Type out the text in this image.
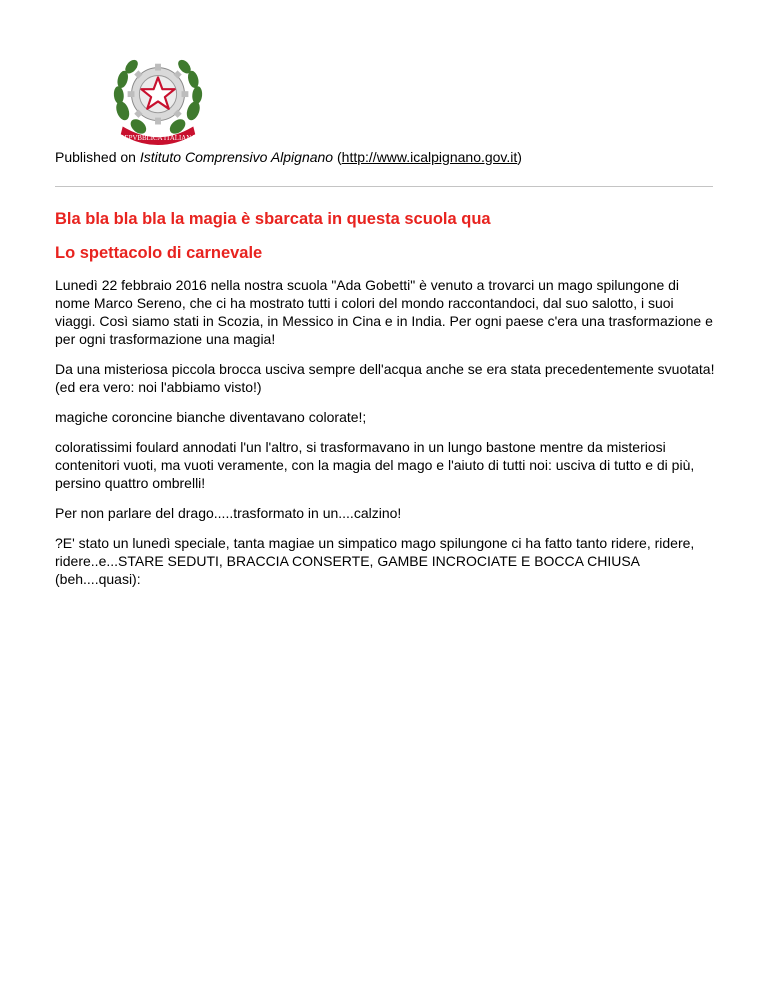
REPVBBLICA ITALIANA
Published on Istituto Comprensivo Alpignano (http://www.icalpignano.gov.it)
Bla bla bla bla la magia è sbarcata in questa scuola qua
Lo spettacolo di carnevale

Lunedì 22 febbraio 2016 nella nostra scuola "Ada Gobetti" è venuto a trovarci un mago spilungone di nome Marco Sereno, che ci ha mostrato tutti i colori del mondo raccontandoci, dal suo salotto, i suoi viaggi. Così siamo stati in Scozia, in Messico in Cina e in India. Per ogni paese c'era una trasformazione e per ogni trasformazione una magia!

Da una misteriosa piccola brocca usciva sempre dell'acqua anche se era stata precedentemente svuotata! (ed era vero: noi l'abbiamo visto!)

magiche coroncine bianche diventavano colorate!;

coloratissimi foulard annodati l'un l'altro, si trasformavano in un lungo bastone mentre da misteriosi contenitori vuoti, ma vuoti veramente, con la magia del mago e l'aiuto di tutti noi: usciva di tutto e di più, persino quattro ombrelli!

Per non parlare del drago.....trasformato in un....calzino!

?E' stato un lunedì speciale, tanta magiae un simpatico mago spilungone ci ha fatto tanto ridere, ridere, ridere..e...STARE SEDUTI, BRACCIA CONSERTE, GAMBE INCROCIATE E BOCCA CHIUSA (beh....quasi):
